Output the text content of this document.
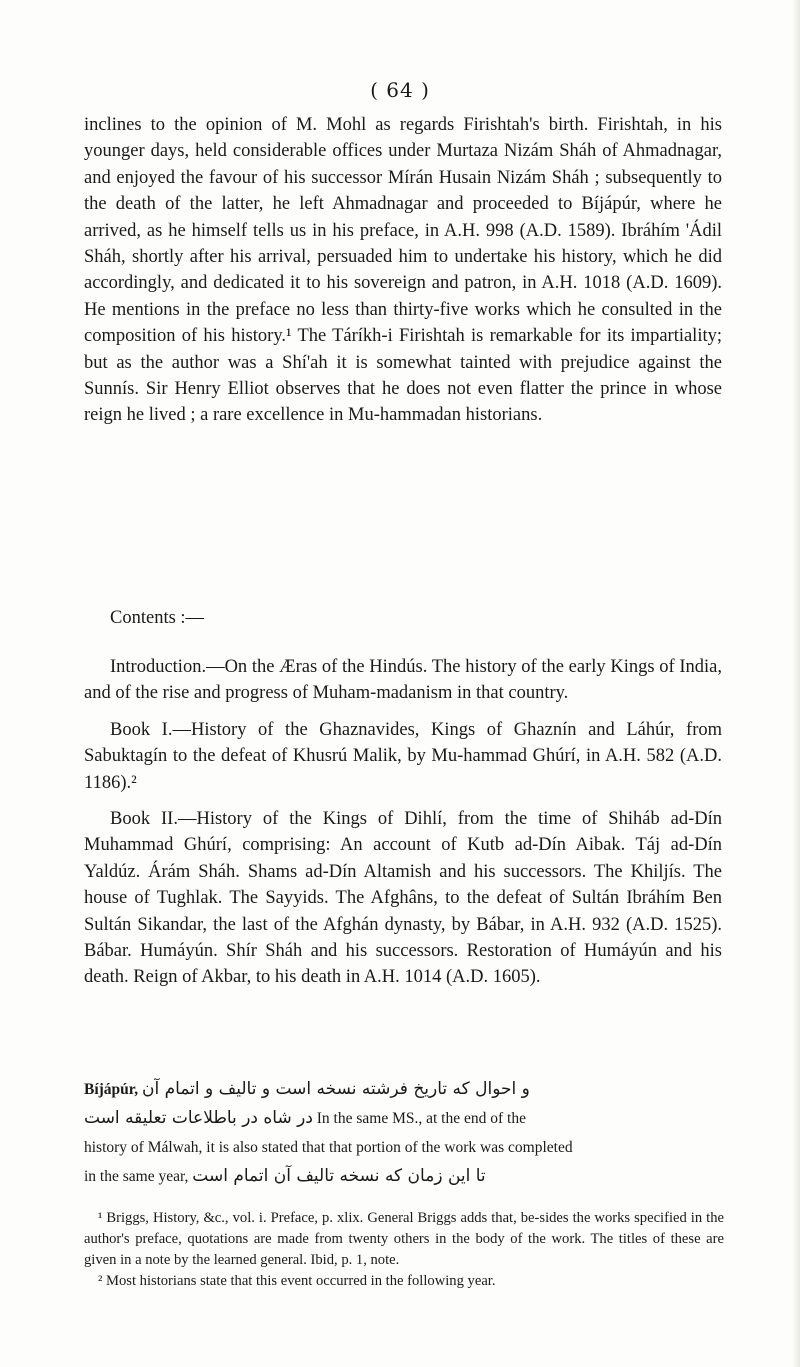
( 64 )
inclines to the opinion of M. Mohl as regards Firishtah's birth. Firishtah, in his younger days, held considerable offices under Murtaza Nizám Sháh of Ahmadnagar, and enjoyed the favour of his successor Mírán Husain Nizám Sháh ; subsequently to the death of the latter, he left Ahmadnagar and proceeded to Bíjápúr, where he arrived, as he himself tells us in his preface, in A.H. 998 (A.D. 1589). Ibráhím 'Ádil Sháh, shortly after his arrival, persuaded him to undertake his history, which he did accordingly, and dedicated it to his sovereign and patron, in A.H. 1018 (A.D. 1609). He mentions in the preface no less than thirty-five works which he consulted in the composition of his history.¹ The Táríkh-i Firishtah is remarkable for its impartiality; but as the author was a Shí'ah it is somewhat tainted with prejudice against the Sunnís. Sir Henry Elliot observes that he does not even flatter the prince in whose reign he lived ; a rare excellence in Mu-hammadan historians.
Contents :—

Introduction.—On the Æras of the Hindús. The history of the early Kings of India, and of the rise and progress of Muham-madanism in that country.

Book I.—History of the Ghaznavides, Kings of Ghaznín and Láhúr, from Sabuktagín to the defeat of Khusrú Malik, by Mu-hammad Ghúrí, in A.H. 582 (A.D. 1186).²

Book II.—History of the Kings of Dihlí, from the time of Shiháb ad-Dín Muhammad Ghúrí, comprising: An account of Kutb ad-Dín Aibak. Táj ad-Dín Yaldúz. Árám Sháh. Shams ad-Dín Altamish and his successors. The Khiljís. The house of Tughlak. The Sayyids. The Afghâns, to the defeat of Sultán Ibráhím Ben Sultán Sikandar, the last of the Afghán dynasty, by Bábar, in A.H. 932 (A.D. 1525). Bábar. Humáyún. Shír Sháh and his successors. Restoration of Humáyún and his death. Reign of Akbar, to his death in A.H. 1014 (A.D. 1605).

Bíjápúr, و احوال که تاریخ فرشته نسخه است و تالیف و اتمام آن
در شاه در باطلاعات تعلیقه است In the same MS., at the end of the
history of Málwah, it is also stated that that portion of the work was completed
in the same year, تا این زمان که نسخه تالیف آن اتمام است

¹ Briggs, History, &c., vol. i. Preface, p. xlix. General Briggs adds that, be-sides the works specified in the author's preface, quotations are made from twenty others in the body of the work. The titles of these are given in a note by the learned general. Ibid, p. 1, note.

² Most historians state that this event occurred in the following year.
